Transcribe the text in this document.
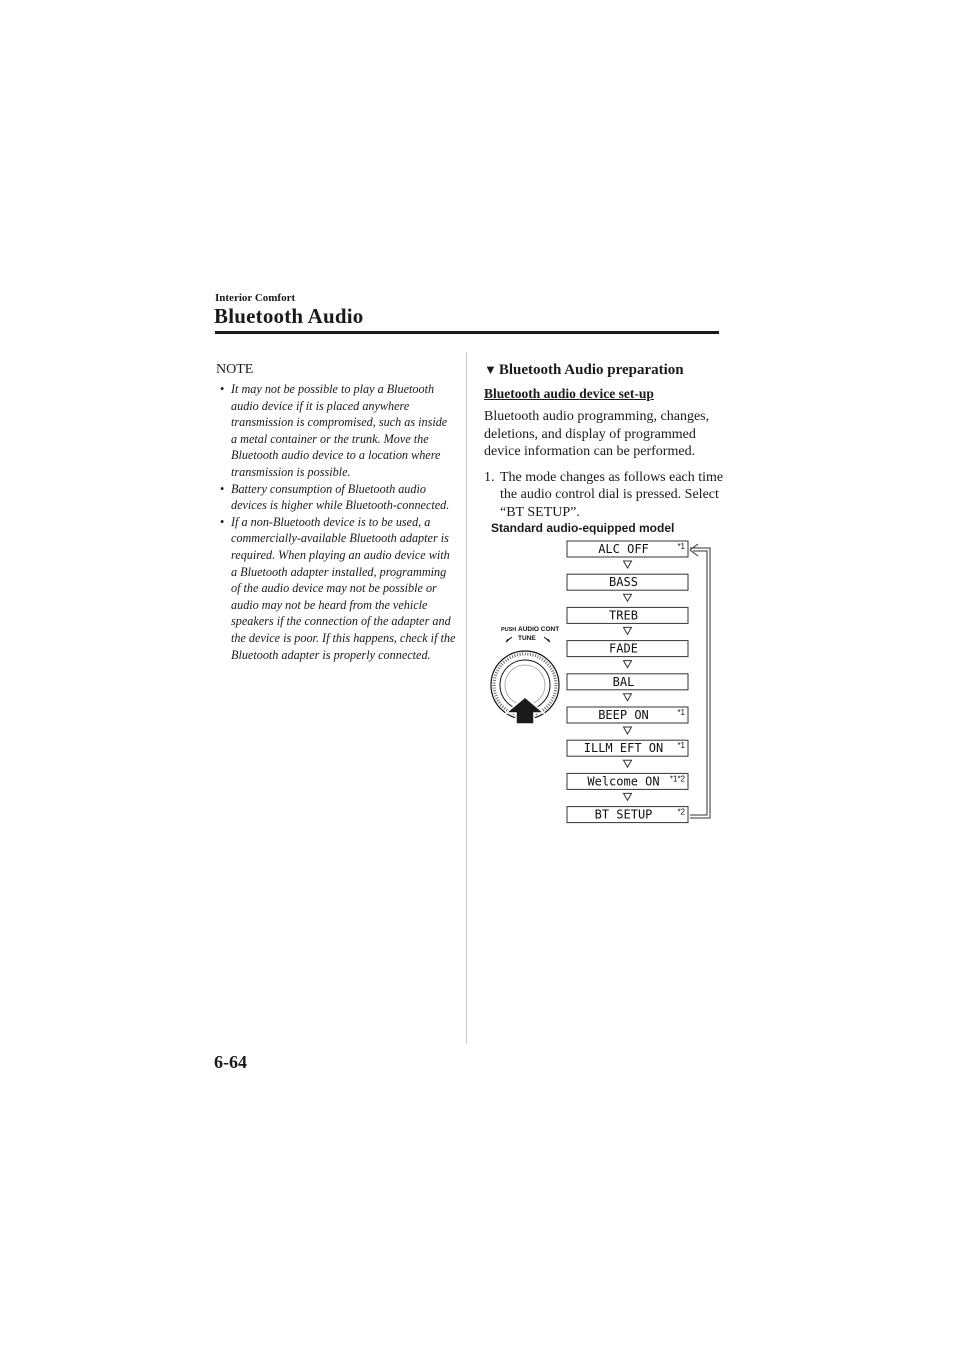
Interior Comfort
Bluetooth Audio
NOTE
• It may not be possible to play a Bluetooth audio device if it is placed anywhere transmission is compromised, such as inside a metal container or the trunk. Move the Bluetooth audio device to a location where transmission is possible.
• Battery consumption of Bluetooth audio devices is higher while Bluetooth-connected.
• If a non-Bluetooth device is to be used, a commercially-available Bluetooth adapter is required. When playing an audio device with a Bluetooth adapter installed, programming of the audio device may not be possible or audio may not be heard from the vehicle speakers if the connection of the adapter and the device is poor. If this happens, check if the Bluetooth adapter is properly connected.
▼ Bluetooth Audio preparation
Bluetooth audio device set-up
Bluetooth audio programming, changes, deletions, and display of programmed device information can be performed.
1. The mode changes as follows each time the audio control dial is pressed. Select “BT SETUP”.
Standard audio-equipped model
PUSH AUDIO CONT
TUNE
ALC OFF	*1
BASS
TREB
FADE
BAL
BEEP ON	*1
ILLM EFT ON *1
Welcome ON *1*2
BT SETUP	*2
6-64
